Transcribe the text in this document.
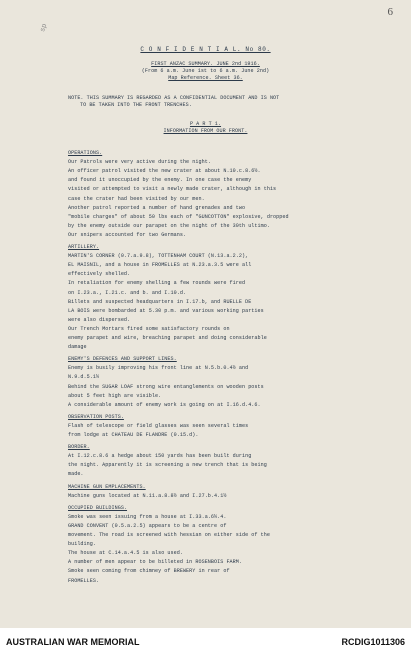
6
sp
C O N F I D E N T I A L. No 80.
FIRST ANZAC SUMMARY. JUNE 2nd 1916.
(From 6 a.m. June 1st to 6 a.m. June 2nd)
Map Reference. Sheet 36.
NOTE. THIS SUMMARY IS REGARDED AS A CONFIDENTIAL DOCUMENT AND IS NOT
TO BE TAKEN INTO THE FRONT TRENCHES.
P A R T 1.
INFORMATION FROM OUR FRONT.
OPERATIONS.
Our Patrols were very active during the night.
An officer patrol visited the new crater at about N.10.c.8.6½.
and found it unoccupied by the enemy. In one case the enemy
visited or attempted to visit a newly made crater, although in this
case the crater had been visited by our men.
Another patrol reported a number of hand grenades and two
"mobile charges" of about 50 lbs each of "GUNCOTTON" explosive, dropped
by the enemy outside our parapet on the night of the 30th ultimo.
Our snipers accounted for two Germans.
ARTILLERY.
MARTIN'S CORNER (0.7.a.9.8), TOTTENHAM COURT (N.13.a.2.2),
EL MAISNIL, and a house in FROMELLES at N.23.a.3.5 were all
effectively shelled.
In retaliation for enemy shelling a few rounds were fired
on I.23.a., I.21.c. and b. and I.10.d.
Billets and suspected headquarters in I.17.b, and RUELLE DE
LA BOIS were bombarded at 5.30 p.m. and various working parties
were also dispersed.
Our Trench Mortars fired some satisfactory rounds on
enemy parapet and wire, breaching parapet and doing considerable
damage
ENEMY'S DEFENCES AND SUPPORT LINES.
Enemy is busily improving his front line at N.5.b.0.4½ and
N.9.d.5.1½
Behind the SUGAR LOAF strong wire entanglements on wooden posts
about 5 feet high are visible.
A considerable amount of enemy work is going on at I.16.d.4.6.
OBSERVATION POSTS.
Flash of telescope or field glasses was seen several times
from lodge at CHATEAU DE FLANDRE (0.15.d).
BORDER.
At I.12.c.8.6 a hedge about 150 yards has been built during
the night. Apparently it is screening a new trench that is being
made.
MACHINE GUN EMPLACEMENTS.
Machine guns located at N.11.a.8.8½ and I.27.b.4.1½
OCCUPIED BUILDINGS.
Smoke was seen issuing from a house at I.33.a.6½.4.
GRAND CONVENT (0.5.a.2.5) appears to be a centre of
movement. The road is screened with hessian on either side of the
building.
The house at C.14.a.4.5 is also used.
A number of men appear to be billeted in ROSENBOIS FARM.
Smoke seen coming from chimney of BREWERY in rear of
FROMELLES.
AUSTRALIAN WAR MEMORIAL	RCDIG1011306
